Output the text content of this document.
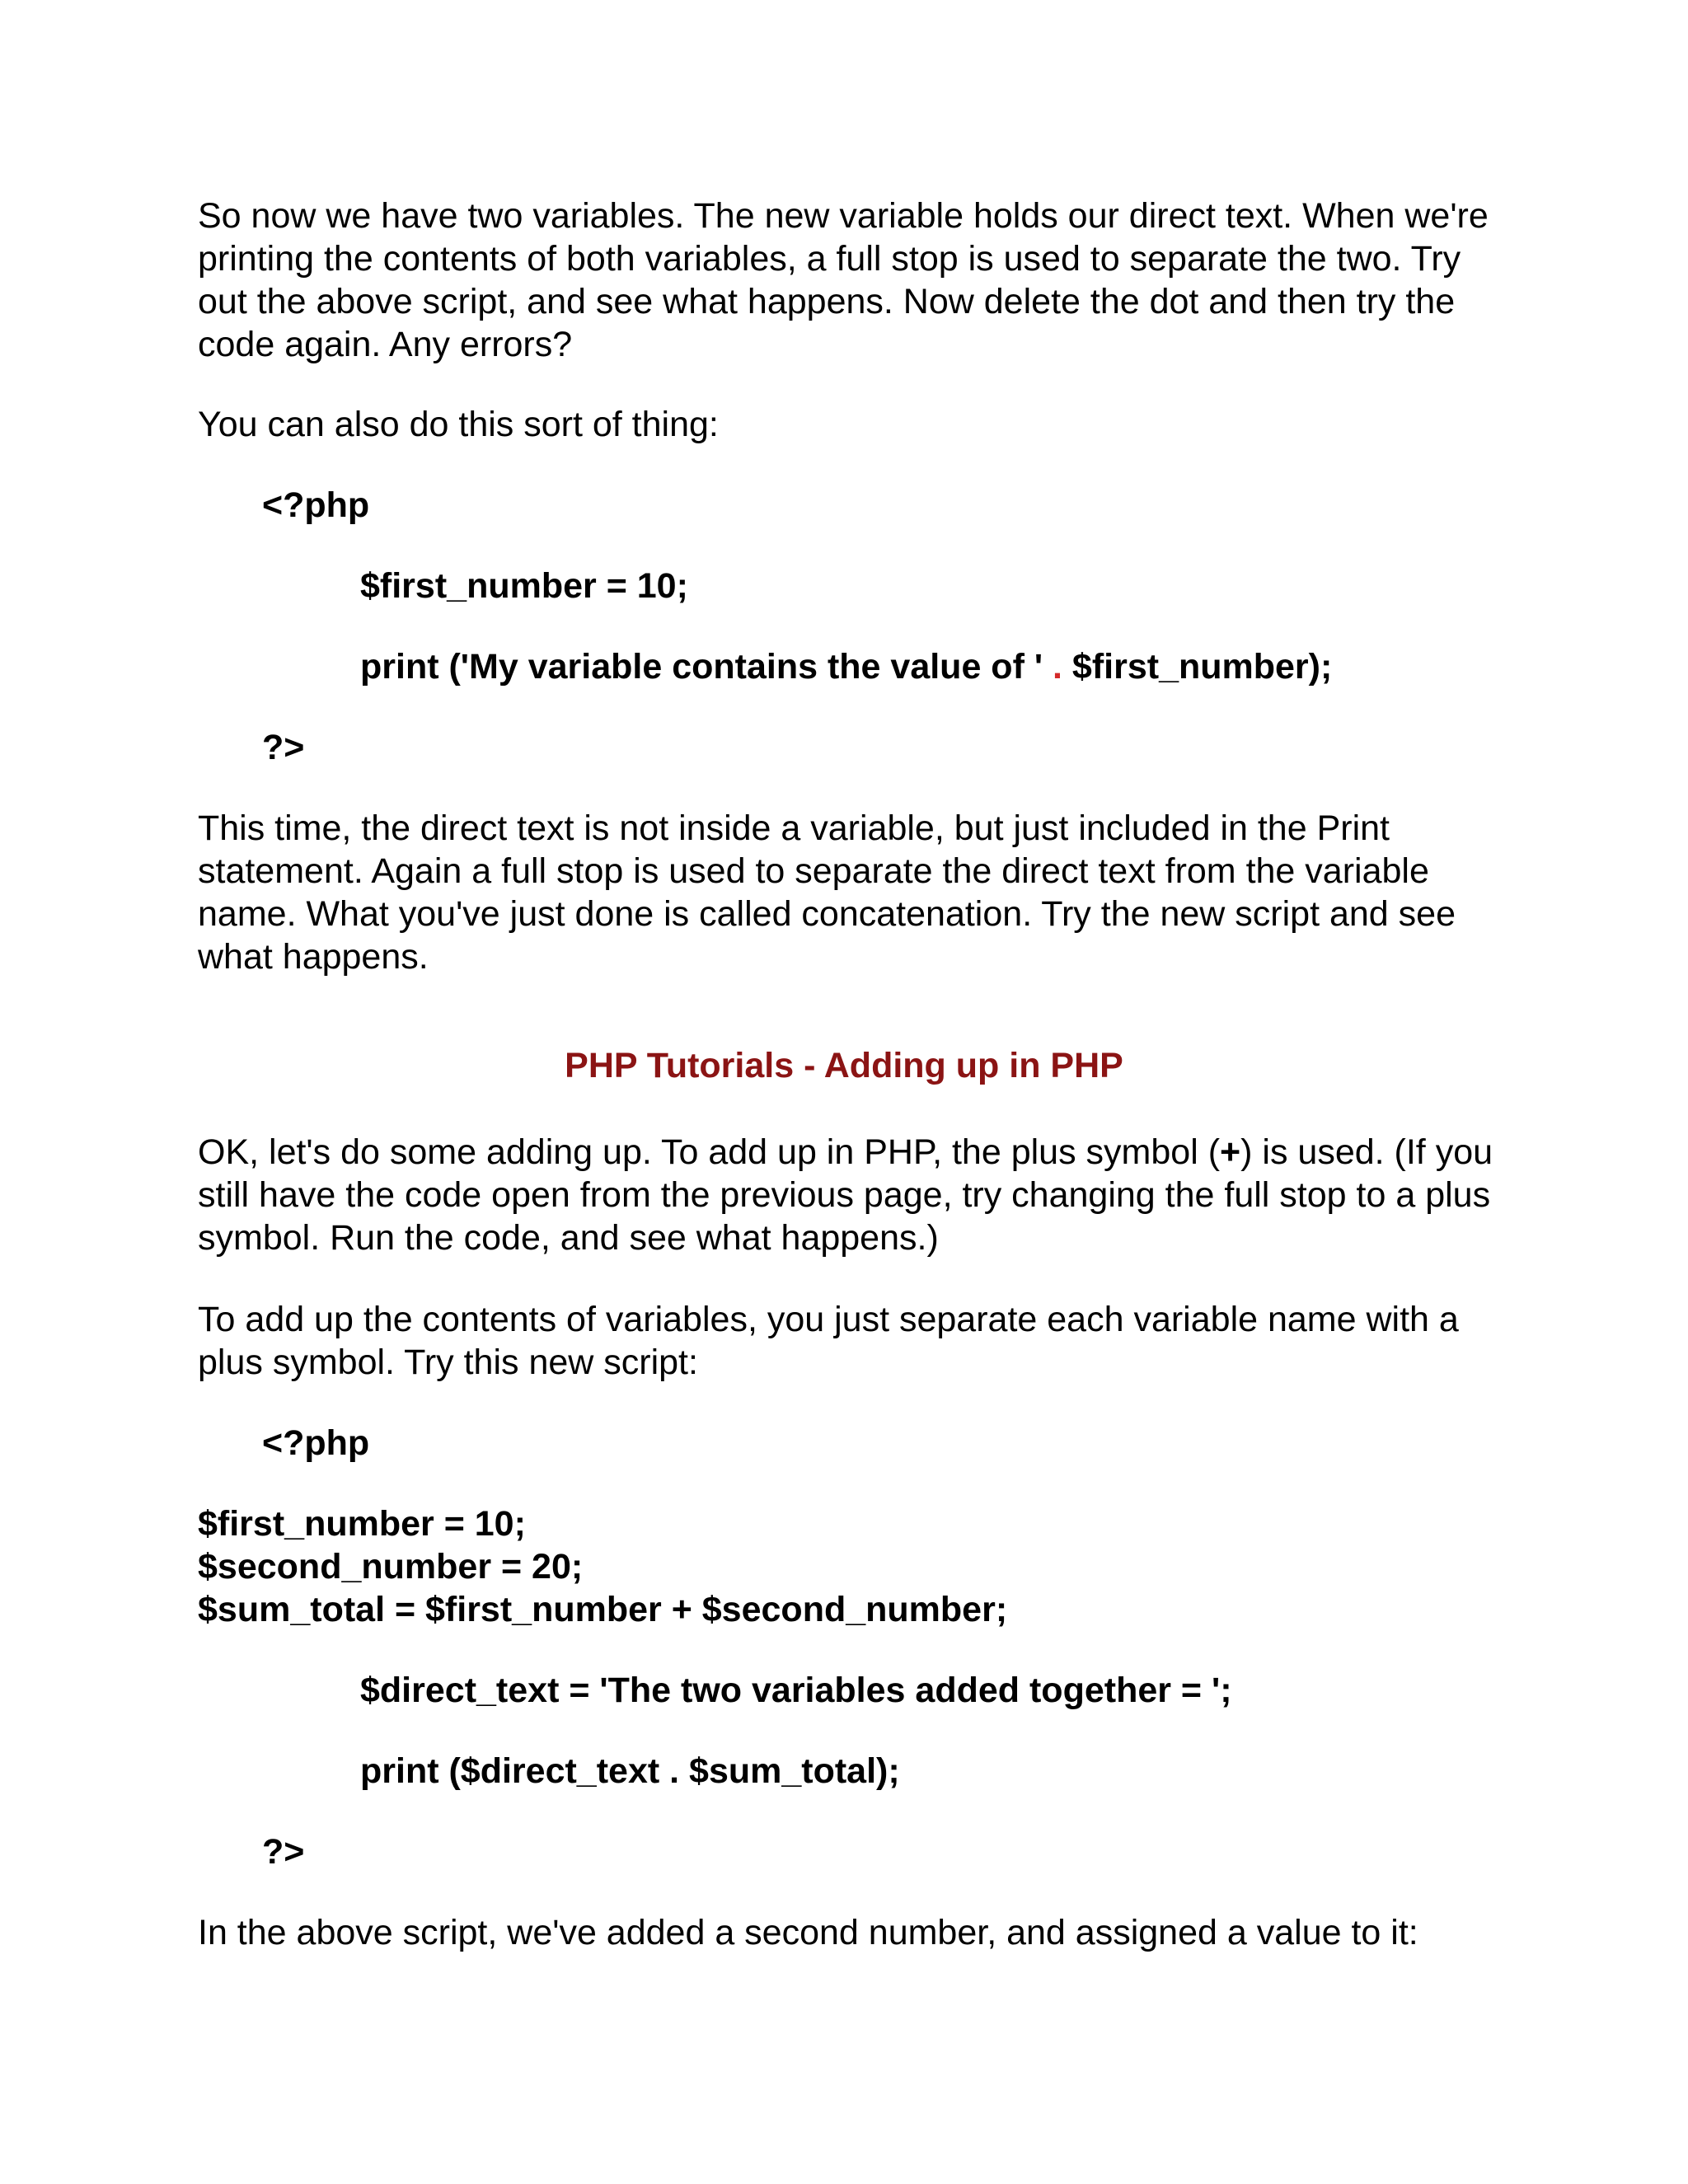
So now we have two variables. The new variable holds our direct text. When we're printing the contents of both variables, a full stop is used to separate the two. Try out the above script, and see what happens. Now delete the dot and then try the code again. Any errors?

You can also do this sort of thing:

<?php

$first_number = 10;

print ('My variable contains the value of ' . $first_number);

?>

This time, the direct text is not inside a variable, but just included in the Print statement. Again a full stop is used to separate the direct text from the variable name. What you've just done is called concatenation. Try the new script and see what happens.

PHP Tutorials - Adding up in PHP

OK, let's do some adding up. To add up in PHP, the plus symbol (+) is used. (If you still have the code open from the previous page, try changing the full stop to a plus symbol. Run the code, and see what happens.)

To add up the contents of variables, you just separate each variable name with a plus symbol. Try this new script:

<?php

$first_number = 10;

$second_number = 20;

$sum_total = $first_number + $second_number;

$direct_text = 'The two variables added together = ';

print ($direct_text . $sum_total);

?>

In the above script, we've added a second number, and assigned a value to it:
